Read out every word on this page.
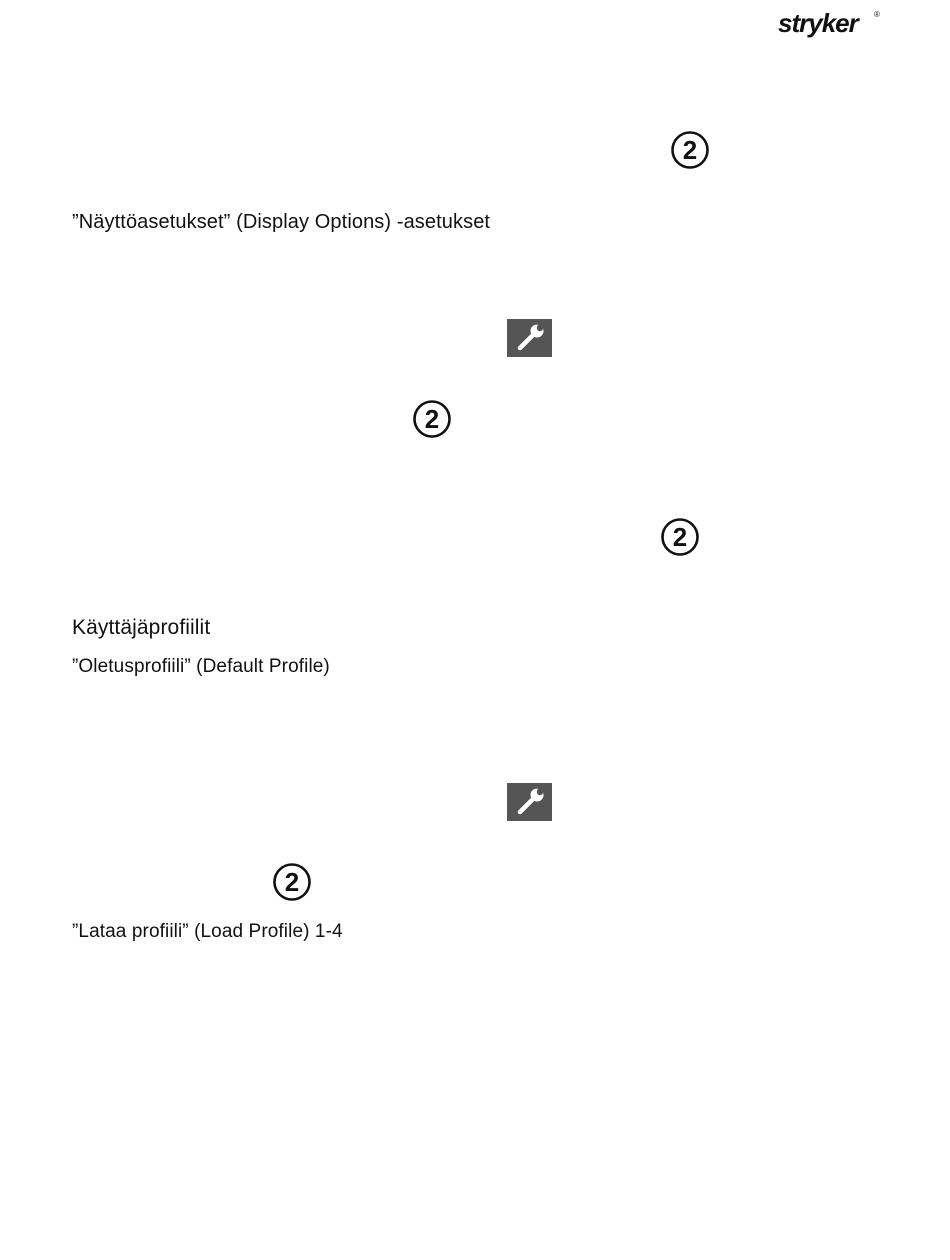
stryker	®
2
”Näyttöasetukset” (Display Options) -asetukset
2
2
Käyttäjäprofiilit
”Oletusprofiili” (Default Profile)
2
”Lataa profiili” (Load Profile) 1-4
